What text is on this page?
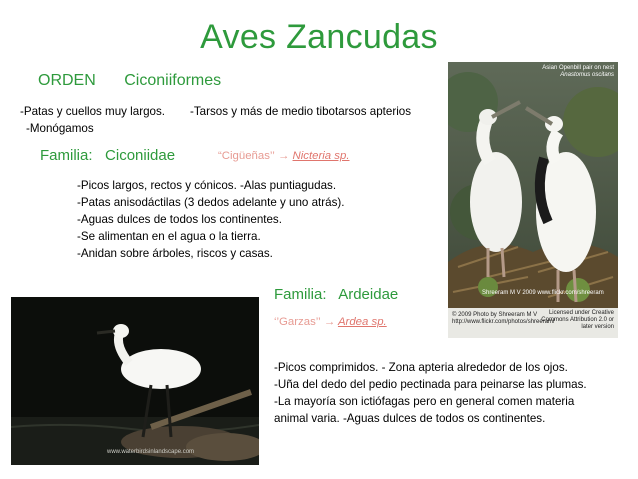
Aves Zancudas
ORDEN Ciconiiformes
-Patas y cuellos muy largos. -Tarsos y más de medio tibotarsos apterios
-Monógamos
Familia: Ciconiidae	“Cigüeñas’’ → Nicteria sp.
-Picos largos, rectos y cónicos. -Alas puntiagudas.
-Patas anisodáctilas (3 dedos adelante y uno atrás).
-Aguas dulces de todos los continentes.
-Se alimentan en el agua o la tierra.
-Anidan sobre árboles, riscos y casas.
Familia: Ardeidae
‘’Garzas’’ → Ardea sp.
-Picos comprimidos. - Zona apteria alrededor de los ojos.
-Uña del dedo del pedio pectinada para peinarse las plumas.
-La mayoría son ictiófagas pero en general comen materia
animal varia. -Aguas dulces de todos os continentes.
Asian Openbill pair on nest
Anastomus oscitans
Shreeram M V 2009 www.flickr.com/shreeram
© 2009 Photo by Shreeram M V
http://www.flickr.com/photos/shreeram/
Licensed under Creative
Commons Attribution 2.0 or
later version
www.waterbirdsinlandscape.com
